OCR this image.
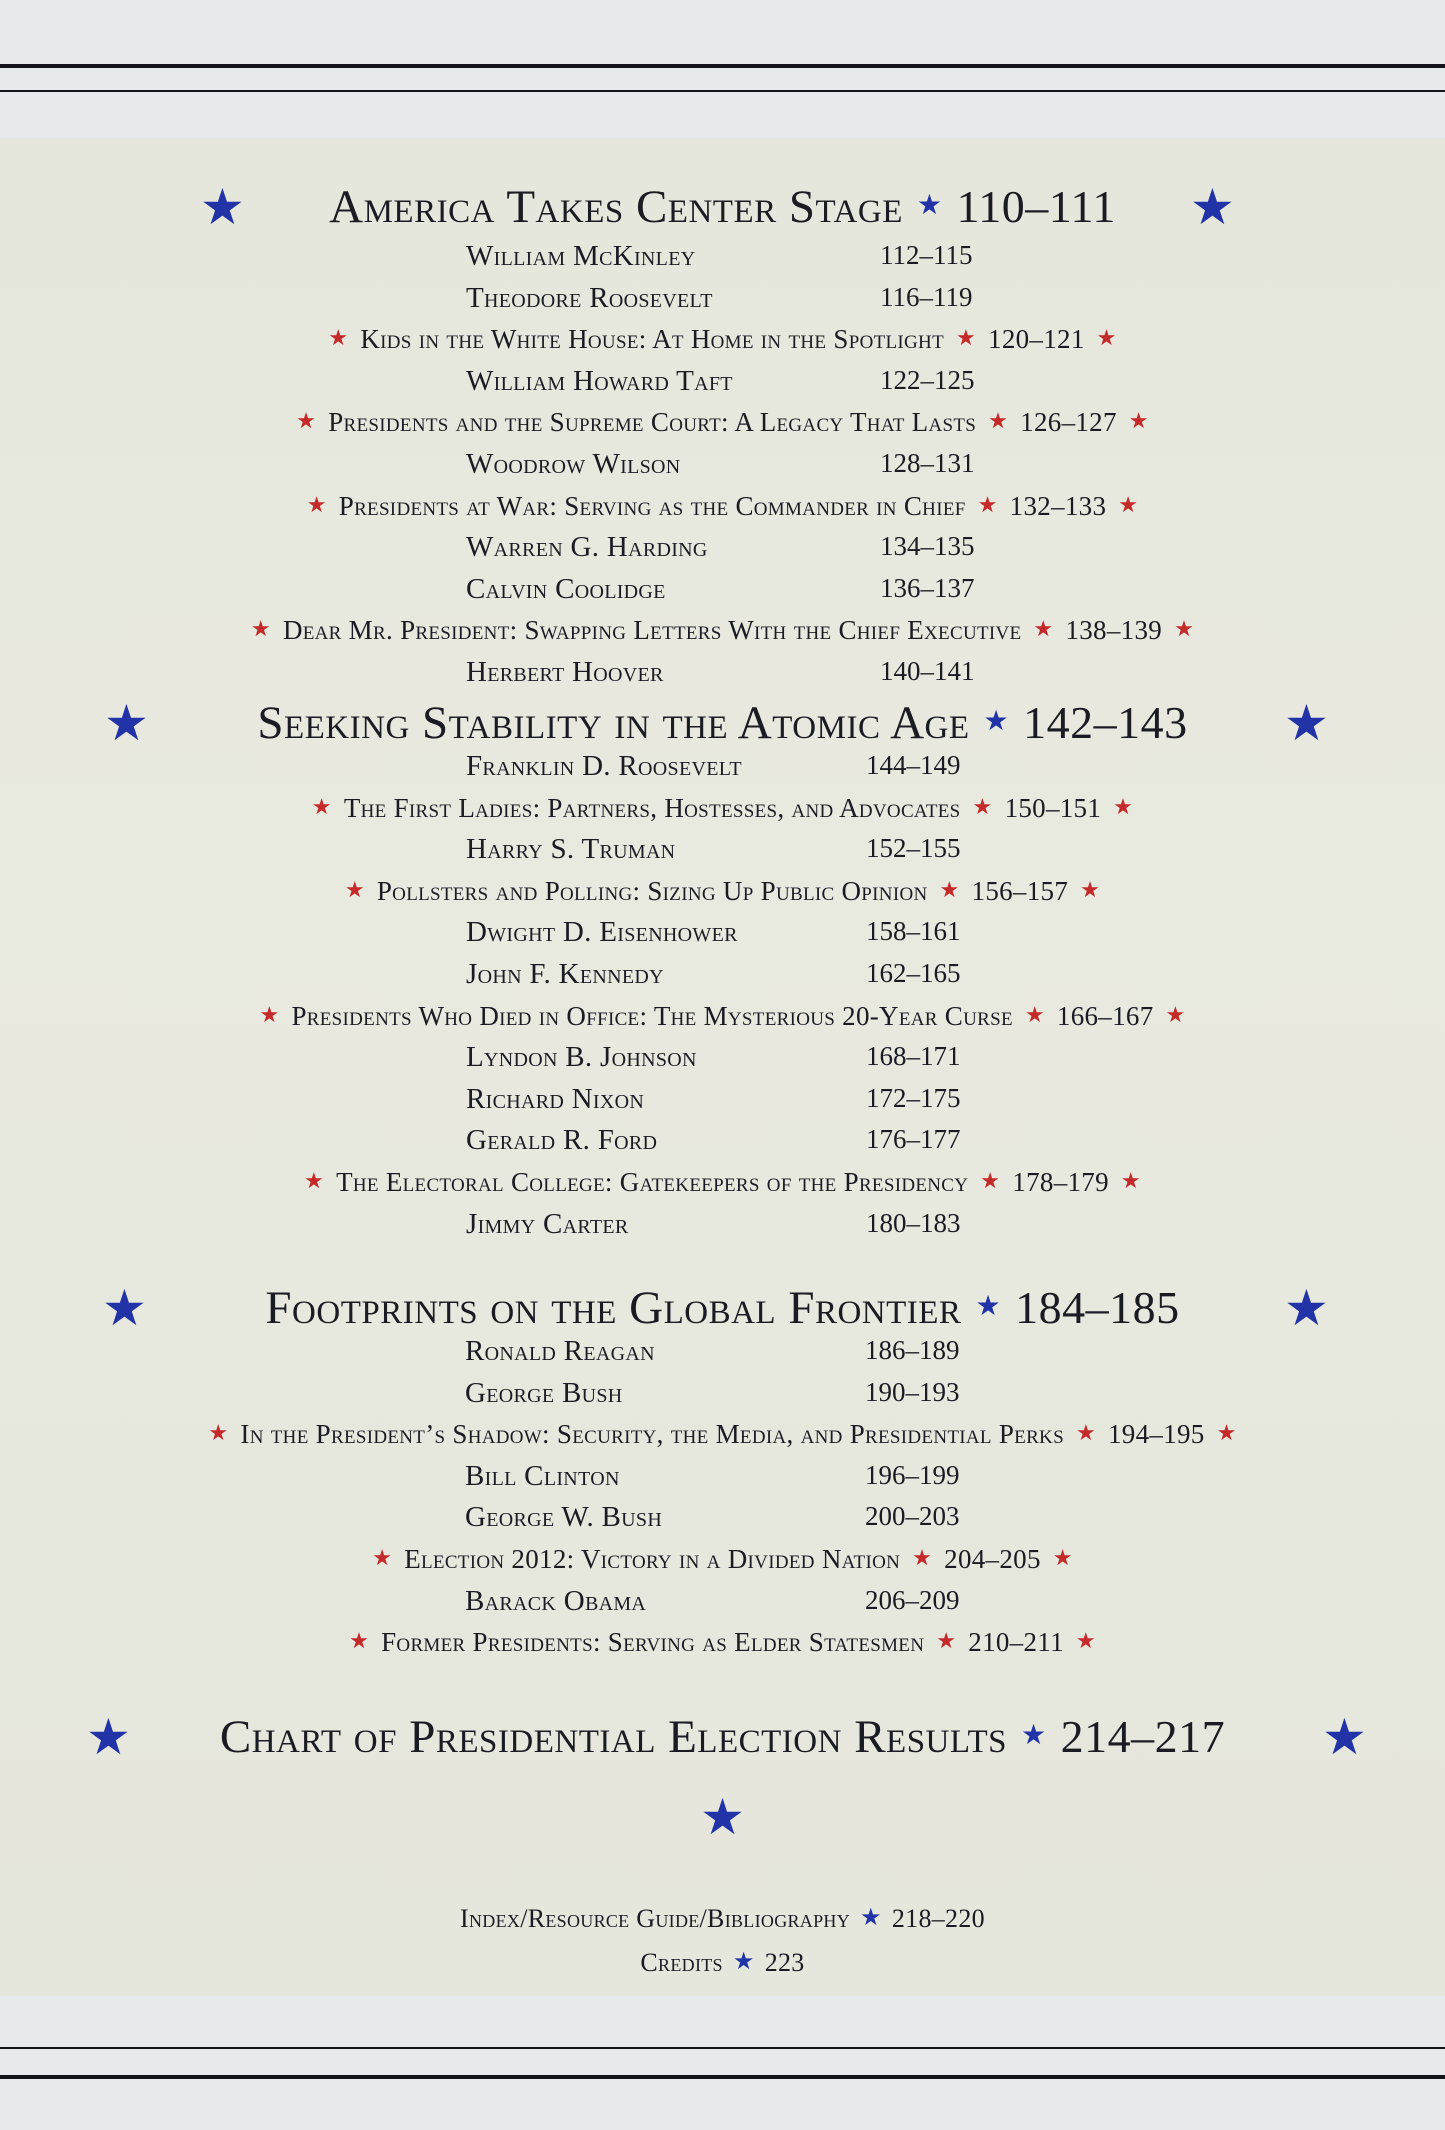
★ America Takes Center Stage ★ 110–111 ★
William McKinley	112–115
Theodore Roosevelt	116–119
★ Kids in the White House: At Home in the Spotlight ★ 120–121 ★
William Howard Taft	122–125
★ Presidents and the Supreme Court: A Legacy That Lasts ★ 126–127 ★
Woodrow Wilson	128–131
★ Presidents at War: Serving as the Commander in Chief ★ 132–133 ★
Warren G. Harding	134–135
Calvin Coolidge	136–137
★ Dear Mr. President: Swapping Letters With the Chief Executive ★ 138–139 ★
Herbert Hoover	140–141
★ Seeking Stability in the Atomic Age ★ 142–143 ★
Franklin D. Roosevelt	144–149
★ The First Ladies: Partners, Hostesses, and Advocates ★ 150–151 ★
Harry S. Truman	152–155
★ Pollsters and Polling: Sizing Up Public Opinion ★ 156–157 ★
Dwight D. Eisenhower	158–161
John F. Kennedy	162–165
★ Presidents Who Died in Office: The Mysterious 20-Year Curse ★ 166–167 ★
Lyndon B. Johnson	168–171
Richard Nixon	172–175
Gerald R. Ford	176–177
★ The Electoral College: Gatekeepers of the Presidency ★ 178–179 ★
Jimmy Carter	180–183
★	Footprints on the Global Frontier ★ 184–185 ★
Ronald Reagan	186–189
George Bush	190–193
★ In the President’s Shadow: Security, the Media, and Presidential Perks ★ 194–195 ★
Bill Clinton	196–199
George W. Bush	200–203
★ Election 2012: Victory in a Divided Nation ★ 204–205 ★
Barack Obama	206–209
★ Former Presidents: Serving as Elder Statesmen ★ 210–211 ★
★ Chart of Presidential Election Results ★ 214–217 ★
★
Index/Resource Guide/Bibliography ★ 218–220
Credits ★ 223
